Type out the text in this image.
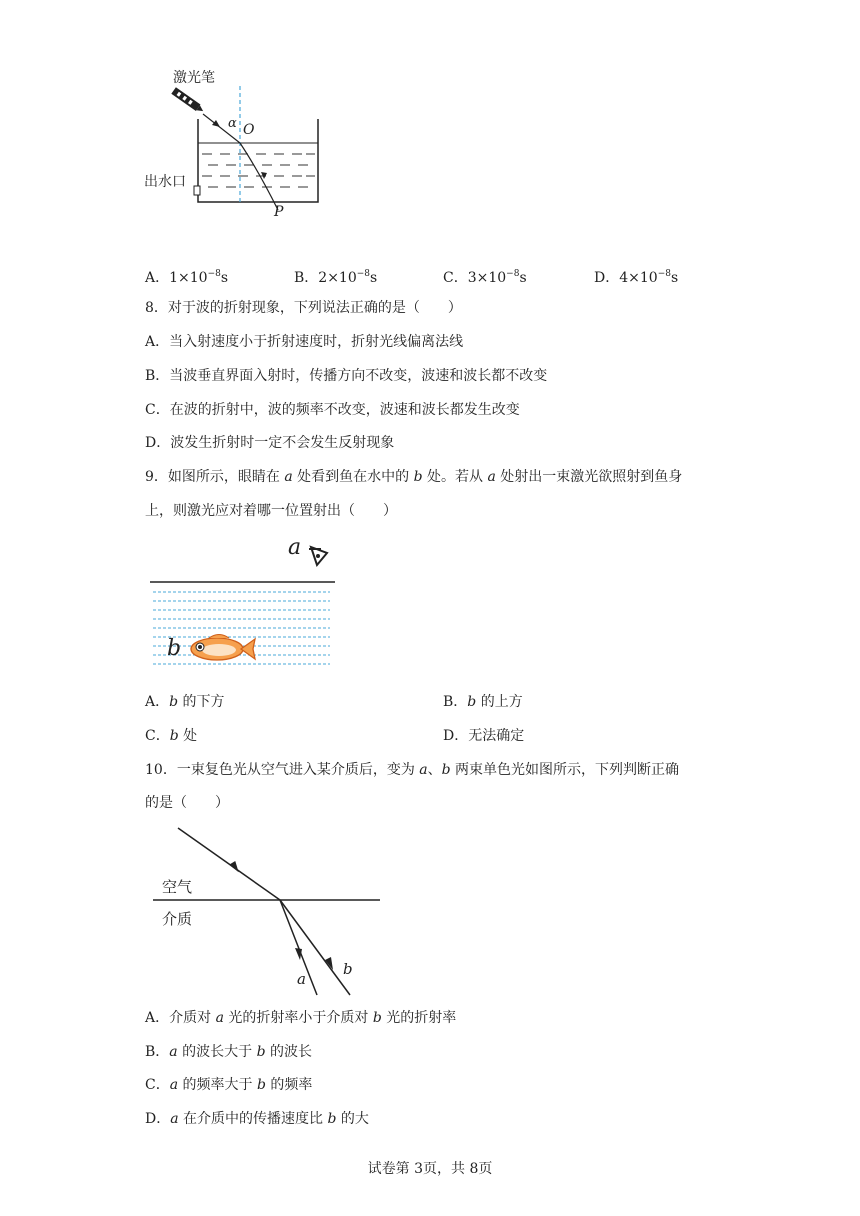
激光笔
出水口
α O
P
A．$1\times 10^{-8}s$	B．$2\times 10^{-8}s$	C．$3\times 10^{-8}s$	D．$4\times 10^{-8}s$
8．对于波的折射现象，下列说法正确的是（　　）
A．当入射速度小于折射速度时，折射光线偏离法线
B．当波垂直界面入射时，传播方向不改变，波速和波长都不改变
C．在波的折射中，波的频率不改变，波速和波长都发生改变
D．波发生折射时一定不会发生反射现象
9．如图所示，眼睛在 a 处看到鱼在水中的 b 处。若从 a 处射出一束激光欲照射到鱼身
上，则激光应对着哪一位置射出（　　）
a
b
A．b 的下方	B．b 的上方
C．b 处	D．无法确定
10．一束复色光从空气进入某介质后，变为 a、b 两束单色光如图所示，下列判断正确
的是（　　）
空气
介质
a
b
A．介质对 a 光的折射率小于介质对 b 光的折射率
B．a 的波长大于 b 的波长
C．a 的频率大于 b 的频率
D．a 在介质中的传播速度比 b 的大
试卷第 3页，共 8页
